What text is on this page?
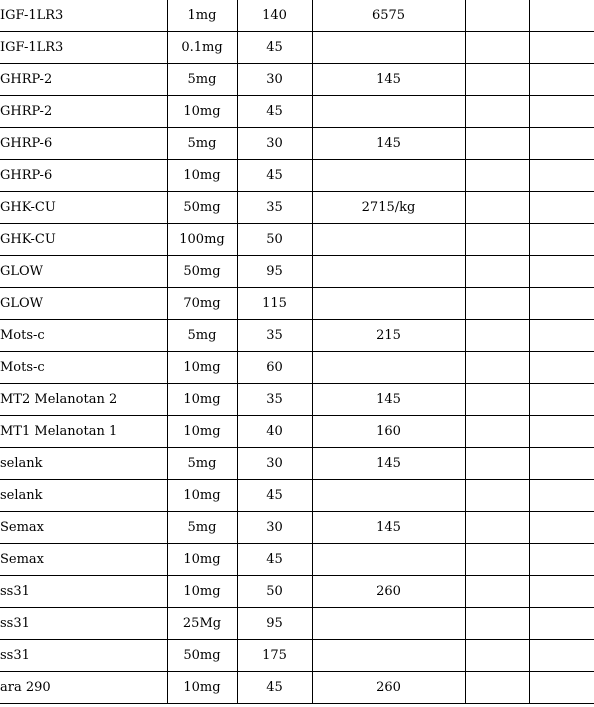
IGF-1LR3	1mg	140	6575		
IGF-1LR3	0.1mg	45			
GHRP-2	5mg	30	145		
GHRP-2	10mg	45			
GHRP-6	5mg	30	145		
GHRP-6	10mg	45			
GHK-CU	50mg	35	2715/kg		
GHK-CU	100mg	50			
GLOW	50mg	95			
GLOW	70mg	115			
Mots-c	5mg	35	215		
Mots-c	10mg	60			
MT2 Melanotan 2	10mg	35	145		
MT1 Melanotan 1	10mg	40	160		
selank	5mg	30	145		
selank	10mg	45			
Semax	5mg	30	145		
Semax	10mg	45			
ss31	10mg	50	260		
ss31	25Mg	95			
ss31	50mg	175			
ara 290	10mg	45	260		
